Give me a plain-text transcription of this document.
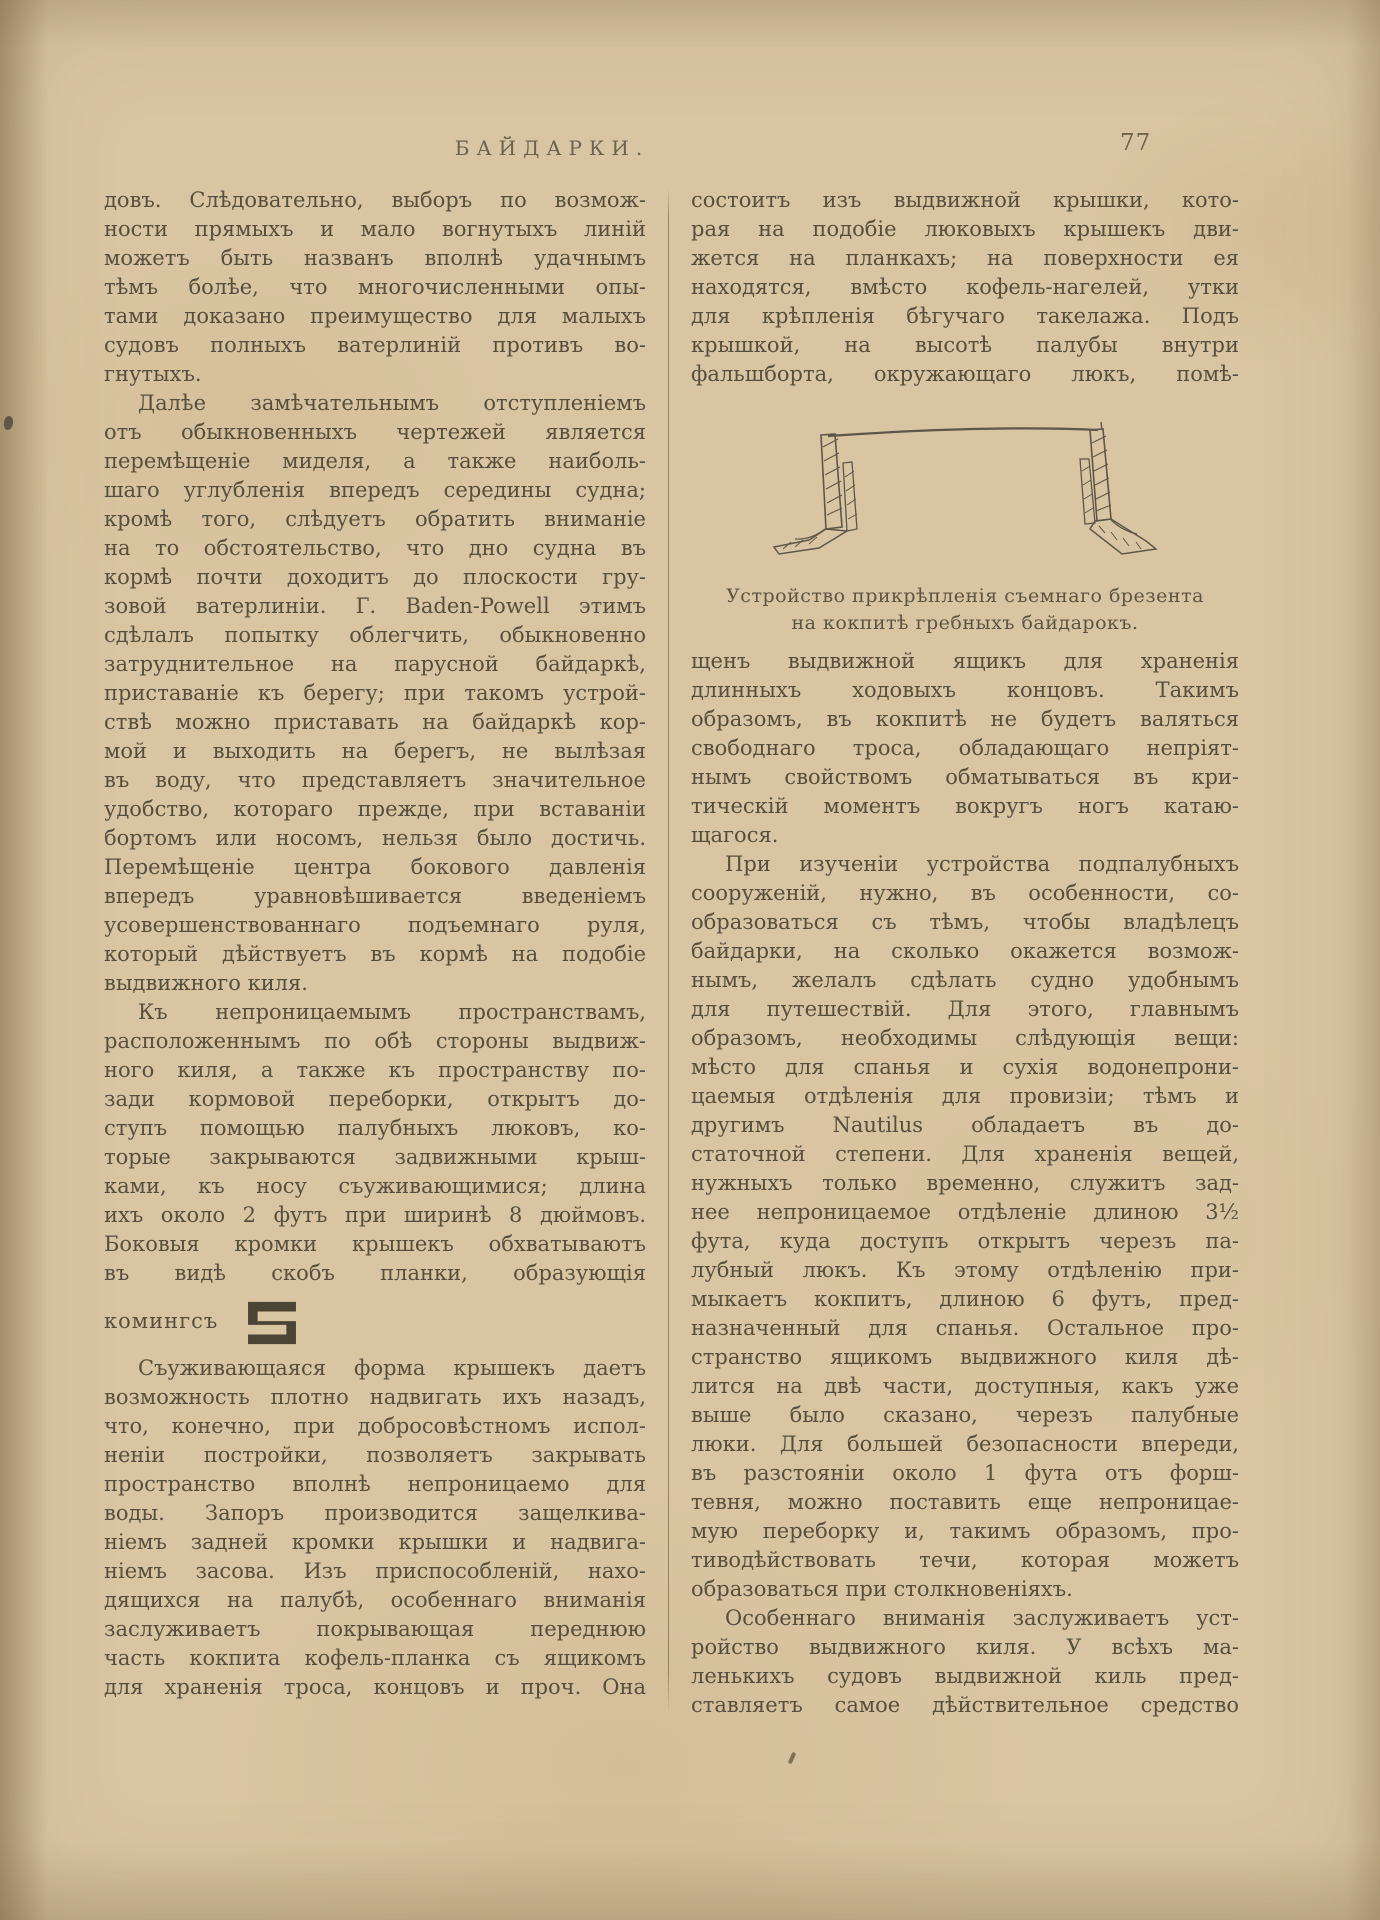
БАЙДАРКИ.	77
довъ. Слѣдовательно, выборъ по возмож-
ности прямыхъ и мало вогнутыхъ линій
можетъ быть названъ вполнѣ удачнымъ
тѣмъ болѣе, что многочисленными опы-
тами доказано преимущество для малыхъ
судовъ полныхъ ватерлиній противъ во-
гнутыхъ.
Далѣе замѣчательнымъ отступленіемъ
отъ обыкновенныхъ чертежей является
перемѣщеніе миделя, а также наиболь-
шаго углубленія впередъ середины судна;
кромѣ того, слѣдуетъ обратить вниманіе
на то обстоятельство, что дно судна въ
кормѣ почти доходитъ до плоскости гру-
зовой ватерлиніи. Г. Baden-Powell этимъ
сдѣлалъ попытку облегчить, обыкновенно
затруднительное на парусной байдаркѣ,
приставаніе къ берегу; при такомъ устрой-
ствѣ можно приставать на байдаркѣ кор-
мой и выходить на берегъ, не вылѣзая
въ воду, что представляетъ значительное
удобство, котораго прежде, при вставаніи
бортомъ или носомъ, нельзя было достичь.
Перемѣщеніе центра бокового давленія
впередъ уравновѣшивается введеніемъ
усовершенствованнаго подъемнаго руля,
который дѣйствуетъ въ кормѣ на подобіе
выдвижного киля.
Къ непроницаемымъ пространствамъ,
расположеннымъ по обѣ стороны выдвиж-
ного киля, а также къ пространству по-
зади кормовой переборки, открытъ до-
ступъ помощью палубныхъ люковъ, ко-
торые закрываются задвижными крыш-
ками, къ носу съуживающимися; длина
ихъ около 2 футъ при ширинѣ 8 дюймовъ.
Боковыя кромки крышекъ обхватываютъ
въ видѣ скобъ планки, образующія
комингсъ
Съуживающаяся форма крышекъ даетъ
возможность плотно надвигать ихъ назадъ,
что, конечно, при добросовѣстномъ испол-
неніи постройки, позволяетъ закрывать
пространство вполнѣ непроницаемо для
воды. Запоръ производится защелкива-
ніемъ задней кромки крышки и надвига-
ніемъ засова. Изъ приспособленій, нахо-
дящихся на палубѣ, особеннаго вниманія
заслуживаетъ покрывающая переднюю
часть кокпита кофель-планка съ ящикомъ
для храненія троса, концовъ и проч. Она
состоитъ изъ выдвижной крышки, кото-
рая на подобіе люковыхъ крышекъ дви-
жется на планкахъ; на поверхности ея
находятся, вмѣсто кофель-нагелей, утки
для крѣпленія бѣгучаго такелажа. Подъ
крышкой, на высотѣ палубы внутри
фальшборта, окружающаго люкъ, помѣ-
Устройство прикрѣпленія съемнаго брезента
на кокпитѣ гребныхъ байдарокъ.
щенъ выдвижной ящикъ для храненія
длинныхъ ходовыхъ концовъ. Такимъ
образомъ, въ кокпитѣ не будетъ валяться
свободнаго троса, обладающаго непріят-
нымъ свойствомъ обматываться въ кри-
тическій моментъ вокругъ ногъ катаю-
щагося.
При изученіи устройства подпалубныхъ
сооруженій, нужно, въ особенности, со-
образоваться съ тѣмъ, чтобы владѣлецъ
байдарки, на сколько окажется возмож-
нымъ, желалъ сдѣлать судно удобнымъ
для путешествій. Для этого, главнымъ
образомъ, необходимы слѣдующія вещи:
мѣсто для спанья и сухія водонепрони-
цаемыя отдѣленія для провизіи; тѣмъ и
другимъ Nautilus обладаетъ въ до-
статочной степени. Для храненія вещей,
нужныхъ только временно, служитъ зад-
нее непроницаемое отдѣленіе длиною 3½
фута, куда доступъ открытъ черезъ па-
лубный люкъ. Къ этому отдѣленію при-
мыкаетъ кокпитъ, длиною 6 футъ, пред-
назначенный для спанья. Остальное про-
странство ящикомъ выдвижного киля дѣ-
лится на двѣ части, доступныя, какъ уже
выше было сказано, черезъ палубные
люки. Для большей безопасности впереди,
въ разстояніи около 1 фута отъ форш-
тевня, можно поставить еще непроницае-
мую переборку и, такимъ образомъ, про-
тиводѣйствовать течи, которая можетъ
образоваться при столкновеніяхъ.
Особеннаго вниманія заслуживаетъ уст-
ройство выдвижного киля. У всѣхъ ма-
ленькихъ судовъ выдвижной киль пред-
ставляетъ самое дѣйствительное средство
